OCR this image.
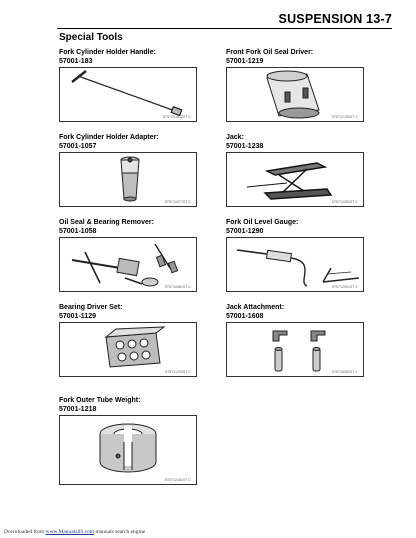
SUSPENSION 13-7
Special Tools
Fork Cylinder Holder Handle:
57001-183
ST57001832ST C
Front Fork Oil Seal Driver:
57001-1219
ST5712195ST C
Fork Cylinder Holder Adapter:
57001-1057
ST5710577ST C
Jack:
57001-1238
ST5712381ST C
Oil Seal & Bearing Remover:
57001-1058
ST5710581ST C
Fork Oil Level Gauge:
57001-1290
ST5712901ST C
Bearing Driver Set:
57001-1129
ST5711294ST C
Jack Attachment:
57001-1608
ST5716081ST C
Fork Outer Tube Weight:
57001-1218
ST5712181ST C
Downloaded from www.Manualslib.com manuals search engine
